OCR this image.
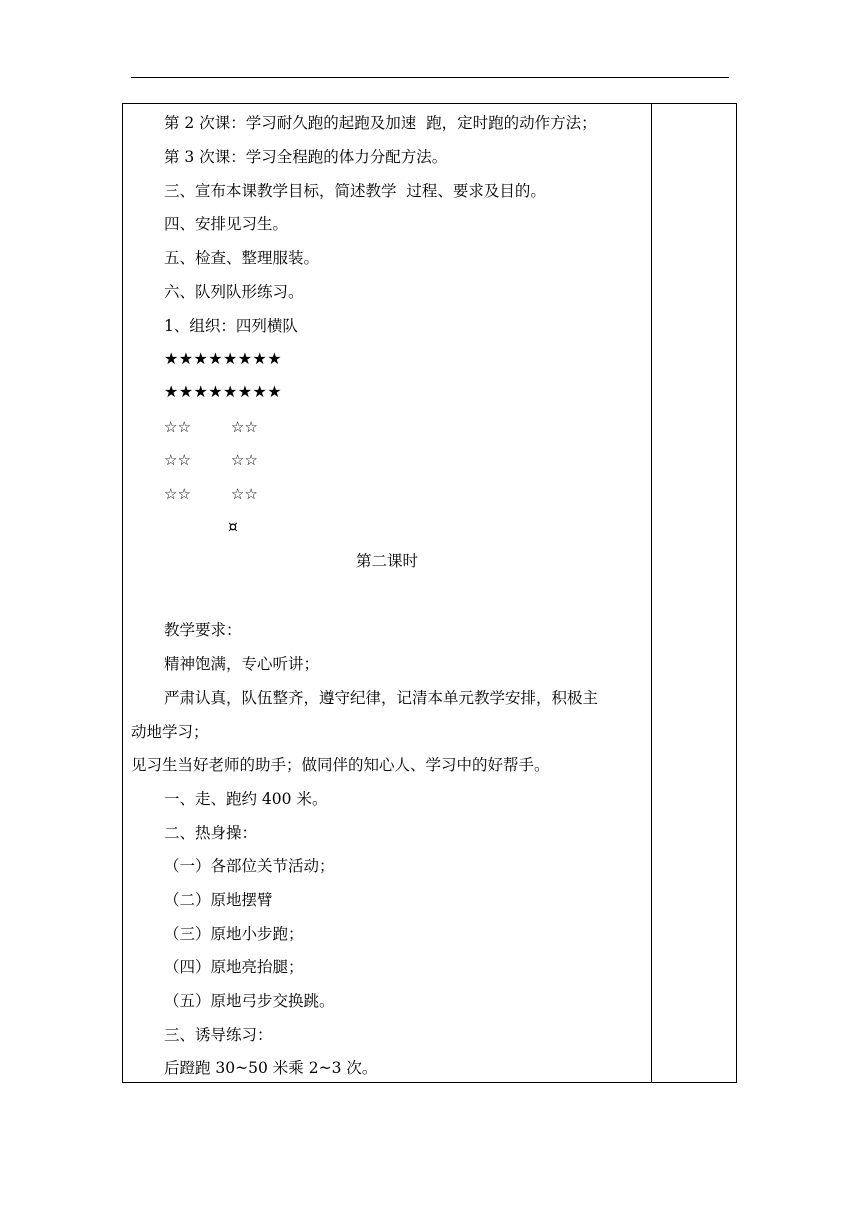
第 2 次课：学习耐久跑的起跑及加速  跑，定时跑的动作方法；
第 3 次课：学习全程跑的体力分配方法。
三、宣布本课教学目标，简述教学  过程、要求及目的。
四、安排见习生。
五、检查、整理服装。
六、队列队形练习。
1、组织：四列横队
★★★★★★★★
★★★★★★★★
☆☆	☆☆
☆☆	☆☆
☆☆	☆☆
¤
第二课时
教学要求：
精神饱满，专心听讲；
严肃认真，队伍整齐，遵守纪律，记清本单元教学安排，积极主
动地学习；
见习生当好老师的助手；做同伴的知心人、学习中的好帮手。
一、走、跑约 400 米。
二、热身操：
（一）各部位关节活动；
（二）原地摆臂
（三）原地小步跑；
（四）原地亮抬腿；
（五）原地弓步交换跳。
三、诱导练习：
后蹬跑 30~50 米乘 2~3 次。
